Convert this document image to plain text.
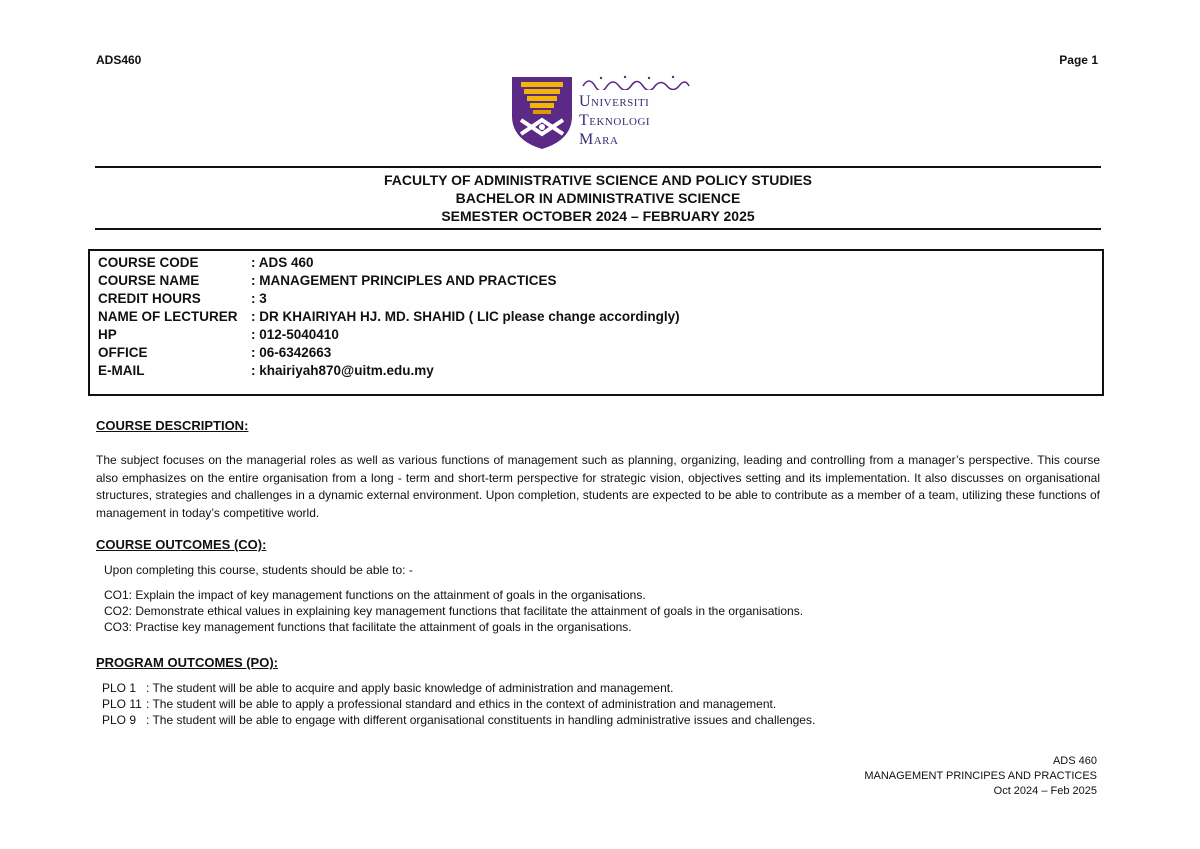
ADS460	Page 1
Universiti
Teknologi
Mara
FACULTY OF ADMINISTRATIVE SCIENCE AND POLICY STUDIES
BACHELOR IN ADMINISTRATIVE SCIENCE
SEMESTER OCTOBER 2024 – FEBRUARY 2025
COURSE CODE	: ADS 460
COURSE NAME	: MANAGEMENT PRINCIPLES AND PRACTICES
CREDIT HOURS	: 3
NAME OF LECTURER : DR KHAIRIYAH HJ. MD. SHAHID ( LIC please change accordingly)
HP	: 012-5040410
OFFICE	: 06-6342663
E-MAIL	: khairiyah870@uitm.edu.my
COURSE DESCRIPTION:
The subject focuses on the managerial roles as well as various functions of management such as planning, organizing, leading and controlling from a manager’s perspective. This course also emphasizes on the entire organisation from a long - term and short-term perspective for strategic vision, objectives setting and its implementation. It also discusses on organisational structures, strategies and challenges in a dynamic external environment. Upon completion, students are expected to be able to contribute as a member of a team, utilizing these functions of management in today’s competitive world.
COURSE OUTCOMES (CO):
Upon completing this course, students should be able to: -
CO1: Explain the impact of key management functions on the attainment of goals in the organisations.
CO2: Demonstrate ethical values in explaining key management functions that facilitate the attainment of goals in the organisations.
CO3: Practise key management functions that facilitate the attainment of goals in the organisations.
PROGRAM OUTCOMES (PO):
PLO 1 : The student will be able to acquire and apply basic knowledge of administration and management.
PLO 11 : The student will be able to apply a professional standard and ethics in the context of administration and management.
PLO 9 : The student will be able to engage with different organisational constituents in handling administrative issues and challenges.
ADS 460
MANAGEMENT PRINCIPES AND PRACTICES
Oct 2024 – Feb 2025
